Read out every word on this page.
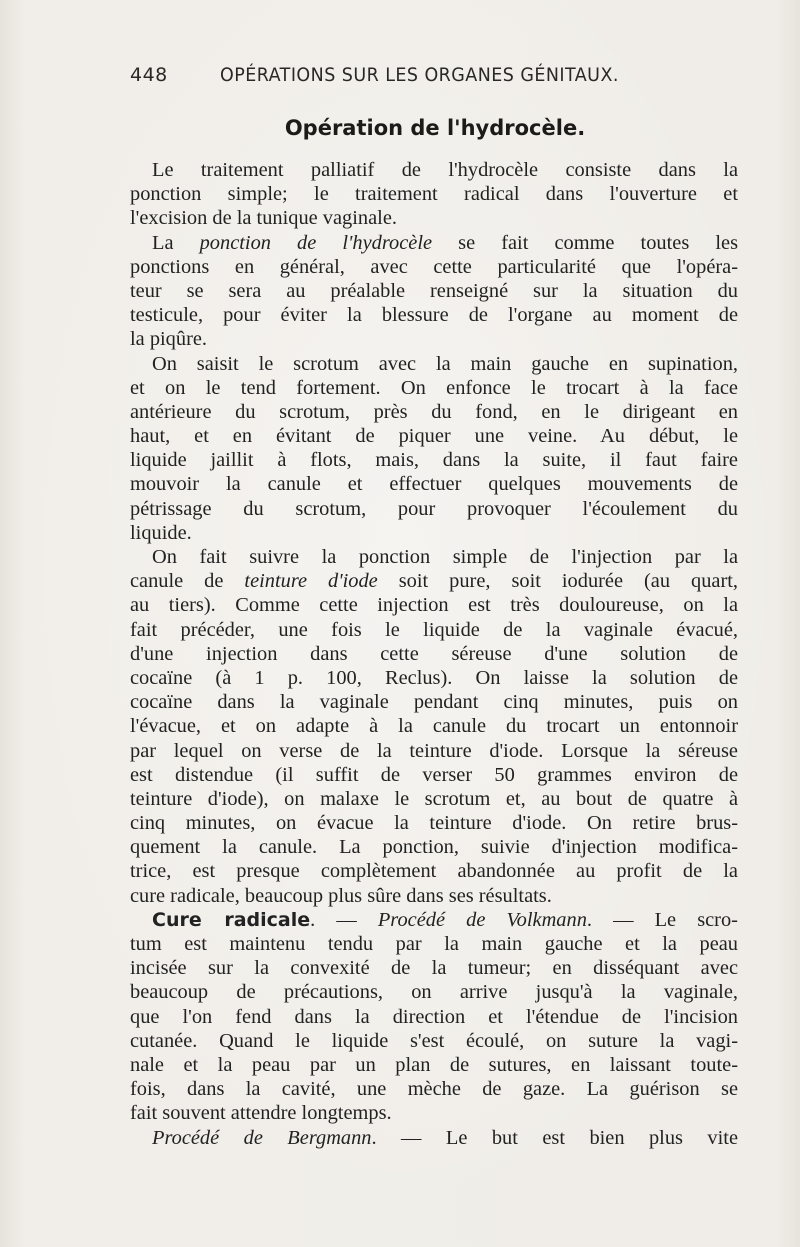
448	OPÉRATIONS SUR LES ORGANES GÉNITAUX.
Opération de l'hydrocèle.
Le traitement palliatif de l'hydrocèle consiste dans la
ponction simple; le traitement radical dans l'ouverture et
l'excision de la tunique vaginale.
La ponction de l'hydrocèle se fait comme toutes les
ponctions en général, avec cette particularité que l'opéra-
teur se sera au préalable renseigné sur la situation du
testicule, pour éviter la blessure de l'organe au moment de
la piqûre.
On saisit le scrotum avec la main gauche en supination,
et on le tend fortement. On enfonce le trocart à la face
antérieure du scrotum, près du fond, en le dirigeant en
haut, et en évitant de piquer une veine. Au début, le
liquide jaillit à flots, mais, dans la suite, il faut faire
mouvoir la canule et effectuer quelques mouvements de
pétrissage du scrotum, pour provoquer l'écoulement du
liquide.
On fait suivre la ponction simple de l'injection par la
canule de teinture d'iode soit pure, soit iodurée (au quart,
au tiers). Comme cette injection est très douloureuse, on la
fait précéder, une fois le liquide de la vaginale évacué,
d'une injection dans cette séreuse d'une solution de
cocaïne (à 1 p. 100, Reclus). On laisse la solution de
cocaïne dans la vaginale pendant cinq minutes, puis on
l'évacue, et on adapte à la canule du trocart un entonnoir
par lequel on verse de la teinture d'iode. Lorsque la séreuse
est distendue (il suffit de verser 50 grammes environ de
teinture d'iode), on malaxe le scrotum et, au bout de quatre à
cinq minutes, on évacue la teinture d'iode. On retire brus-
quement la canule. La ponction, suivie d'injection modifica-
trice, est presque complètement abandonnée au profit de la
cure radicale, beaucoup plus sûre dans ses résultats.
Cure radicale. — Procédé de Volkmann. — Le scro-
tum est maintenu tendu par la main gauche et la peau
incisée sur la convexité de la tumeur; en disséquant avec
beaucoup de précautions, on arrive jusqu'à la vaginale,
que l'on fend dans la direction et l'étendue de l'incision
cutanée. Quand le liquide s'est écoulé, on suture la vagi-
nale et la peau par un plan de sutures, en laissant toute-
fois, dans la cavité, une mèche de gaze. La guérison se
fait souvent attendre longtemps.
Procédé de Bergmann. — Le but est bien plus vite
